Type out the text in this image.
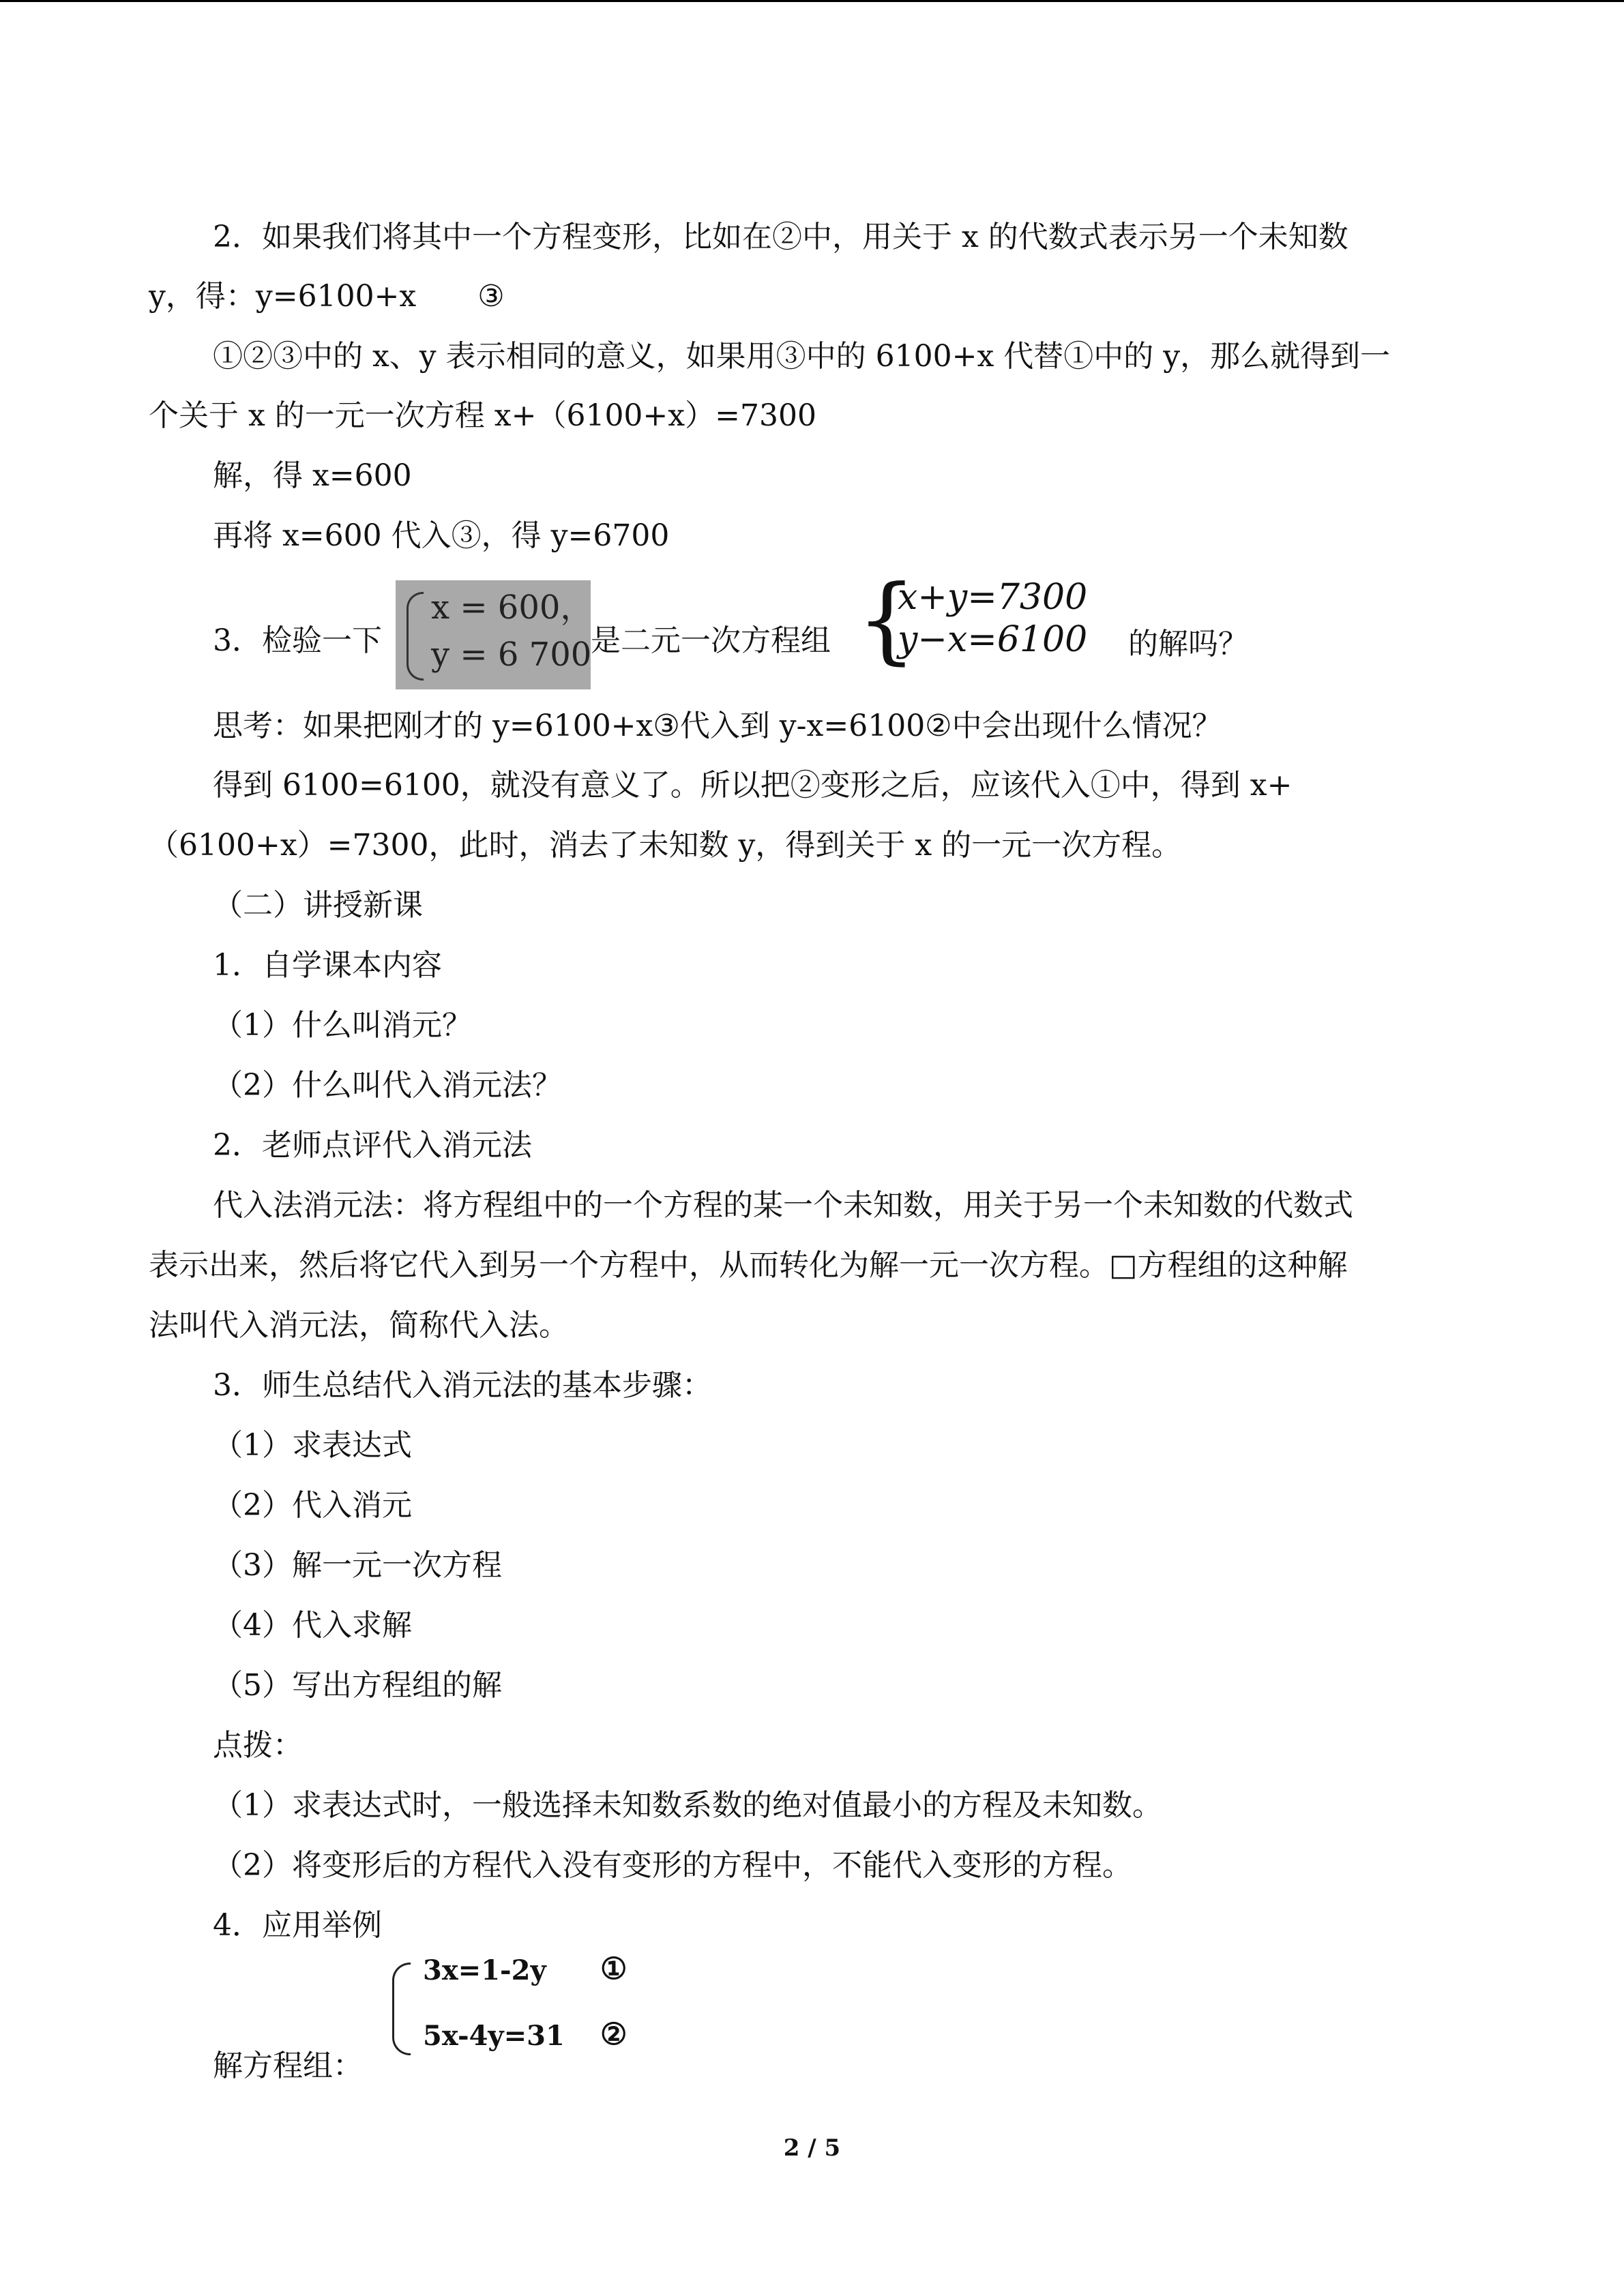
2．如果我们将其中一个方程变形，比如在②中，用关于 x 的代数式表示另一个未知数
y，得：y=6100+x ③
①②③中的 x、y 表示相同的意义，如果用③中的 6100+x 代替①中的 y，那么就得到一
个关于 x 的一元一次方程 x+（6100+x）=7300
解，得 x=600
再将 x=600 代入③，得 y=6700
3．检验一下
x = 600，
y = 6 700
是二元一次方程组 {
x+y=7300
y−x=6100 的解吗？
思考：如果把刚才的 y=6100+x③代入到 y-x=6100②中会出现什么情况？
得到 6100=6100，就没有意义了。所以把②变形之后，应该代入①中，得到 x+
（6100+x）=7300，此时，消去了未知数 y，得到关于 x 的一元一次方程。
（二）讲授新课
1．自学课本内容
（1）什么叫消元？
（2）什么叫代入消元法？
2．老师点评代入消元法
代入法消元法：将方程组中的一个方程的某一个未知数，用关于另一个未知数的代数式
表示出来，然后将它代入到另一个方程中，从而转化为解一元一次方程。□方程组的这种解
法叫代入消元法，简称代入法。
3．师生总结代入消元法的基本步骤：
（1）求表达式
（2）代入消元
（3）解一元一次方程
（4）代入求解
（5）写出方程组的解
点拨：
（1）求表达式时，一般选择未知数系数的绝对值最小的方程及未知数。
（2）将变形后的方程代入没有变形的方程中，不能代入变形的方程。
4．应用举例
3x=1-2y ①
5x-4y=31 ②
解方程组：
2 / 5
